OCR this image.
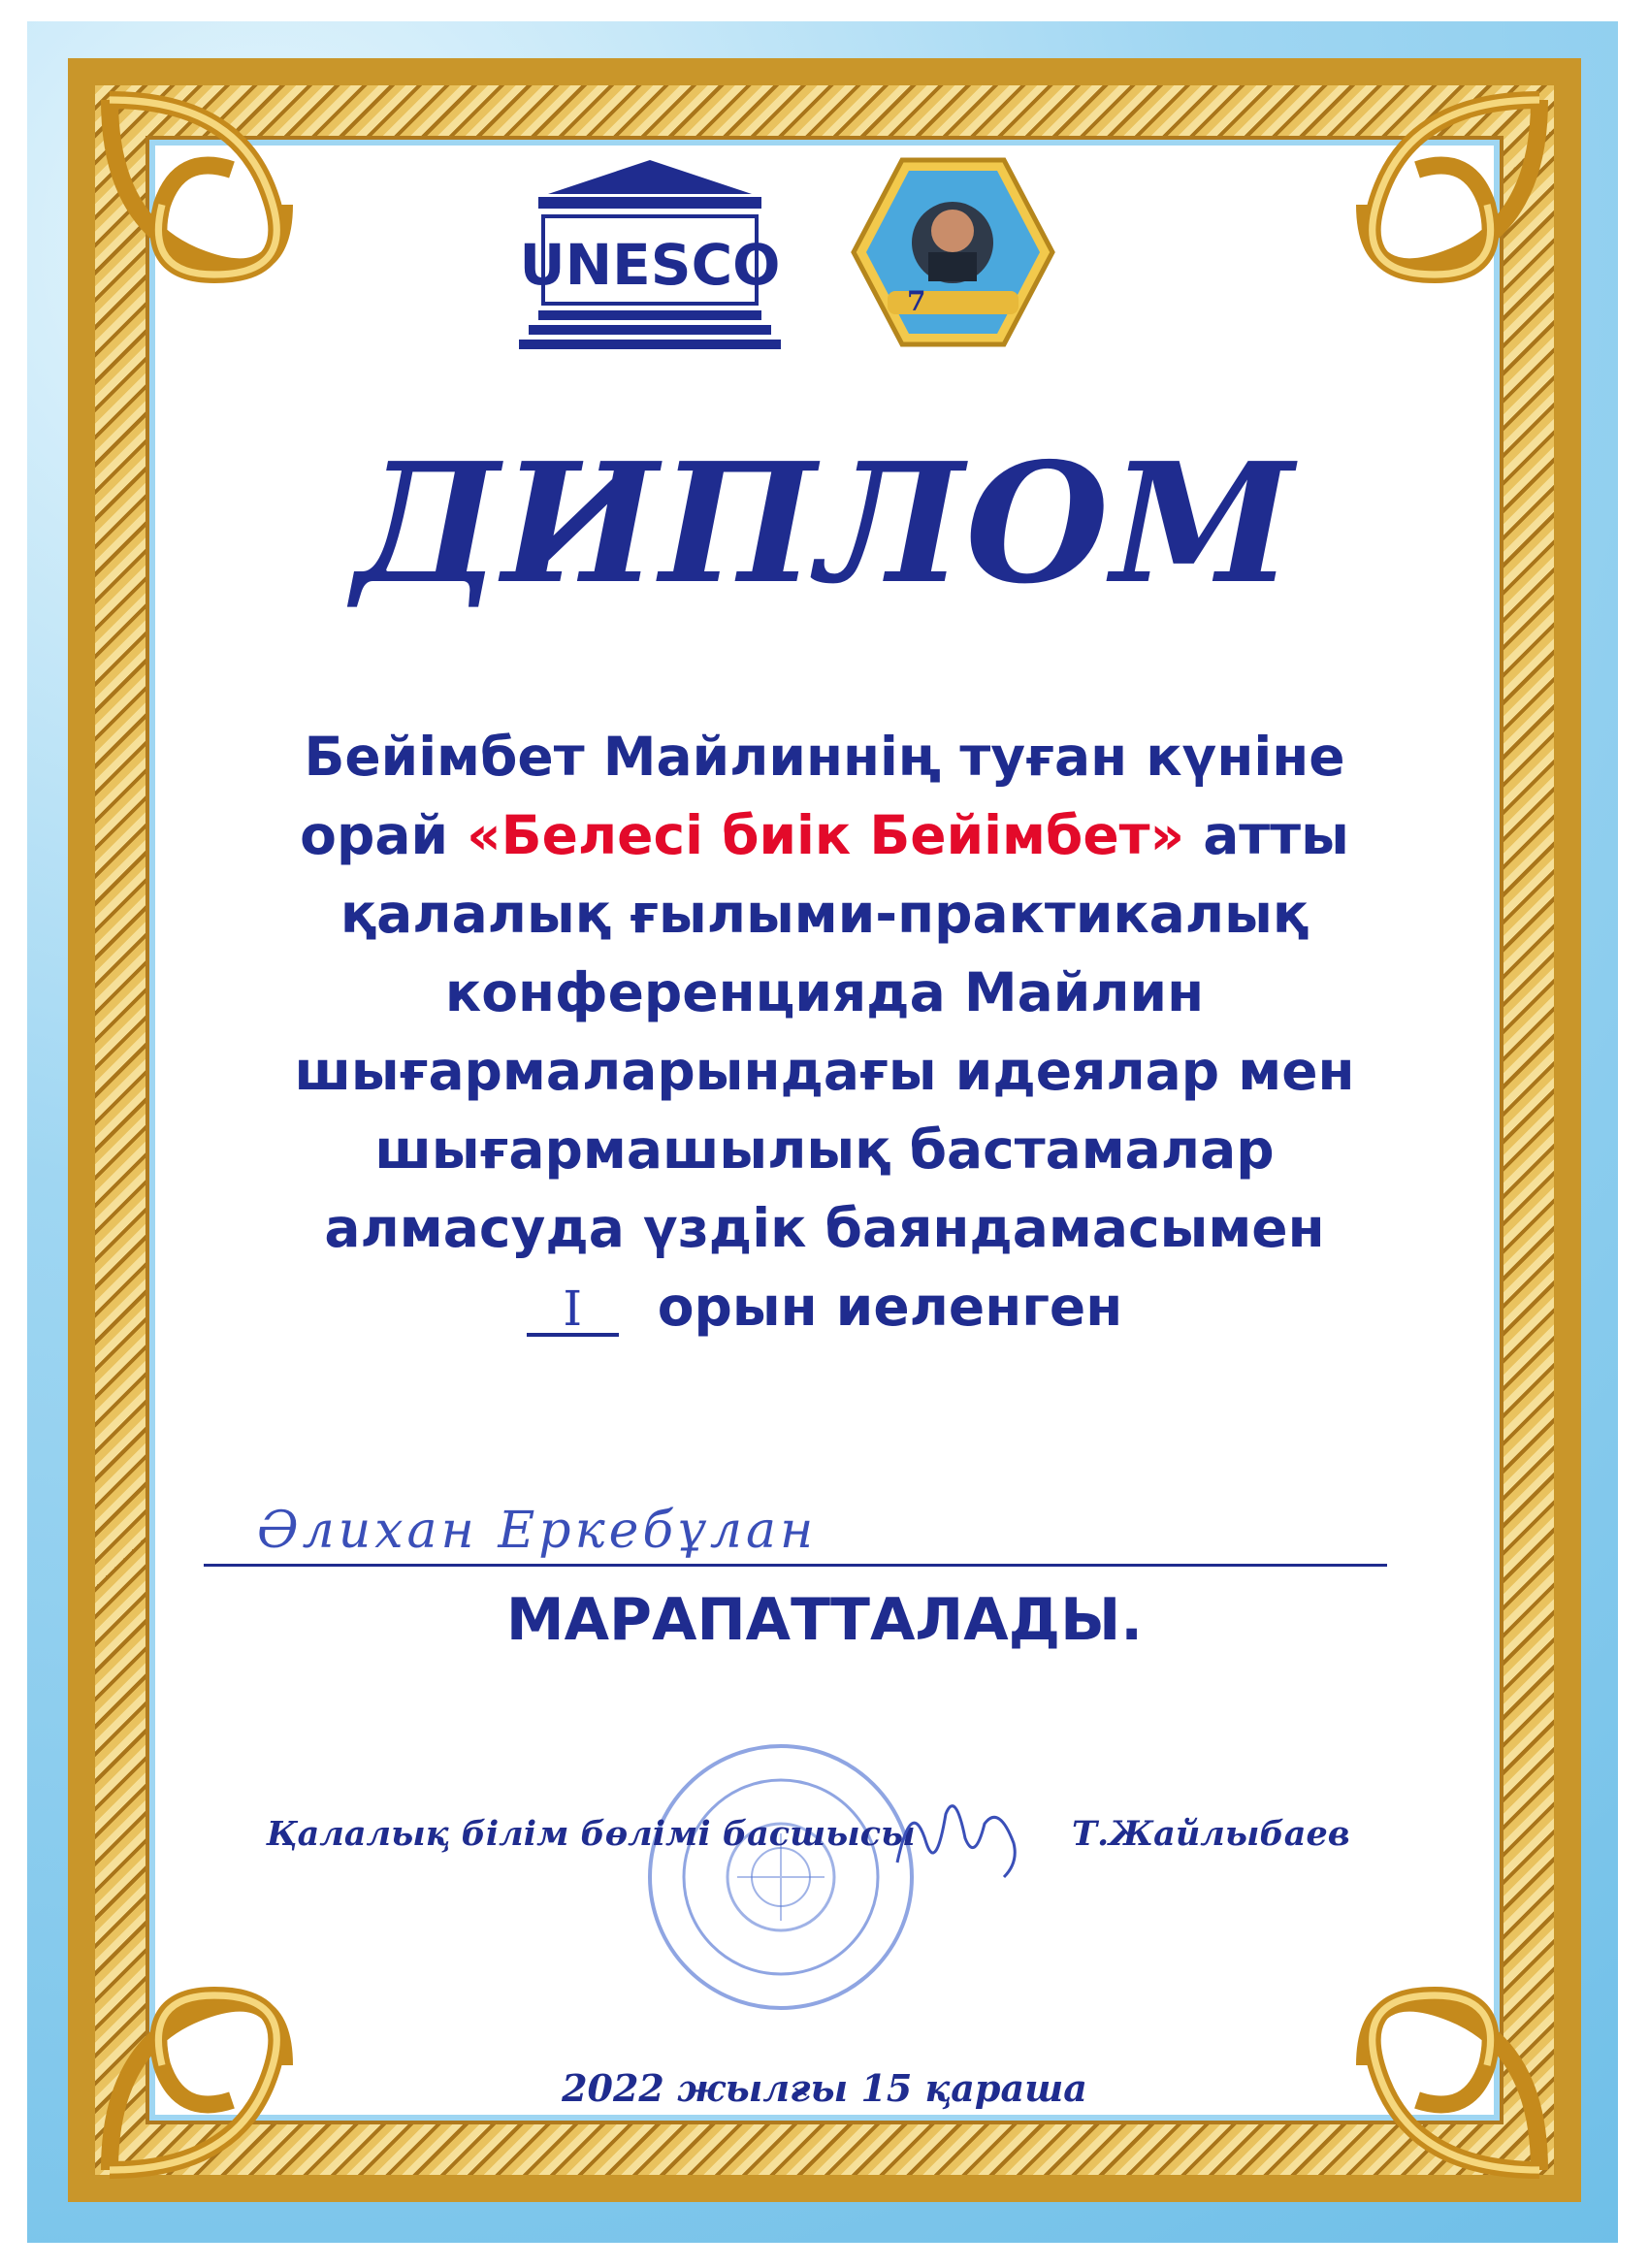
UNESCO
7
ДИПЛОМ
Бейімбет Майлиннің туған күніне
орай «Белесі биік Бейімбет» атты
қалалық ғылыми-практикалық
конференцияда Майлин
шығармаларындағы идеялар мен
шығармашылық бастамалар
алмасуда үздік баяндамасымен
I орын иеленген
Әлихан Еркебұлан
МАРАПАТТАЛАДЫ.
Қалалық білім бөлімі басшысы	Т.Жайлыбаев
2022 жылғы 15 қараша
